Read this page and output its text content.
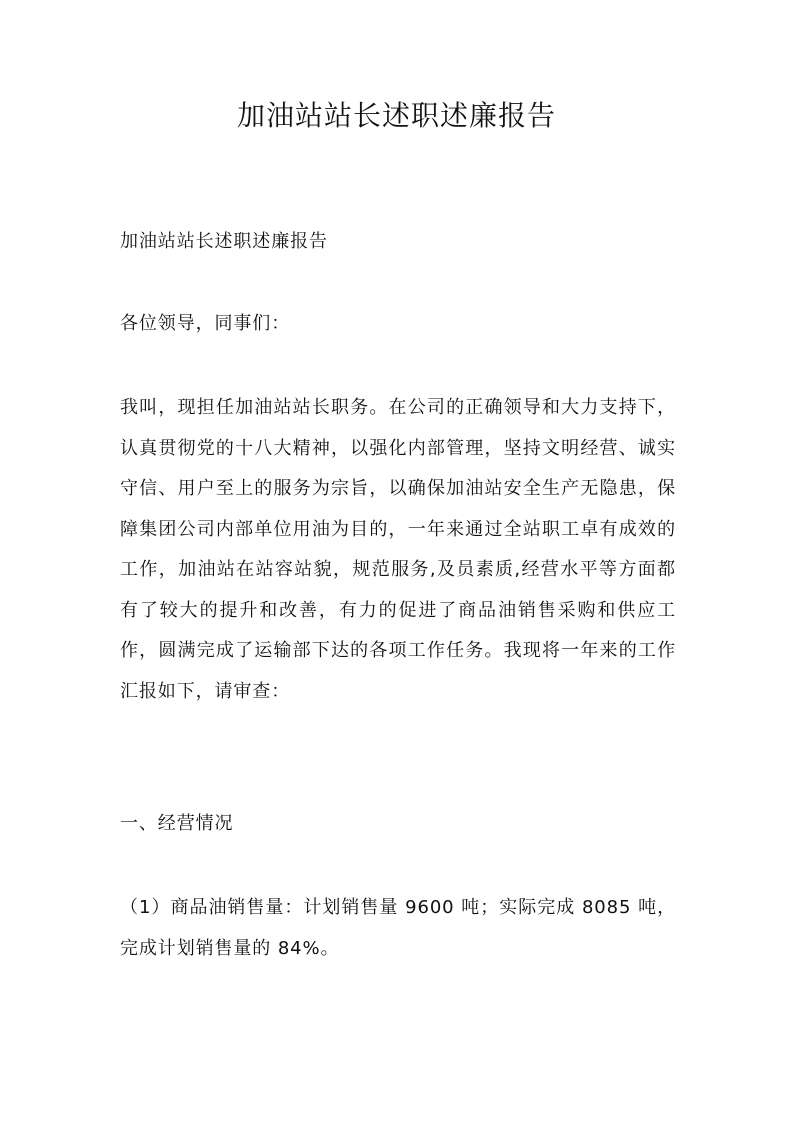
加油站站长述职述廉报告

加油站站长述职述廉报告

各位领导，同事们：

我叫，现担任加油站站长职务。在公司的正确领导和大力支持下，认真贯彻党的十八大精神，以强化内部管理，坚持文明经营、诚实守信、用户至上的服务为宗旨，以确保加油站安全生产无隐患，保障集团公司内部单位用油为目的，一年来通过全站职工卓有成效的工作，加油站在站容站貌，规范服务,及员素质,经营水平等方面都有了较大的提升和改善，有力的促进了商品油销售采购和供应工作，圆满完成了运输部下达的各项工作任务。我现将一年来的工作汇报如下，请审查：

一、经营情况

（1）商品油销售量：计划销售量 9600 吨；实际完成 8085 吨，完成计划销售量的 84%。
